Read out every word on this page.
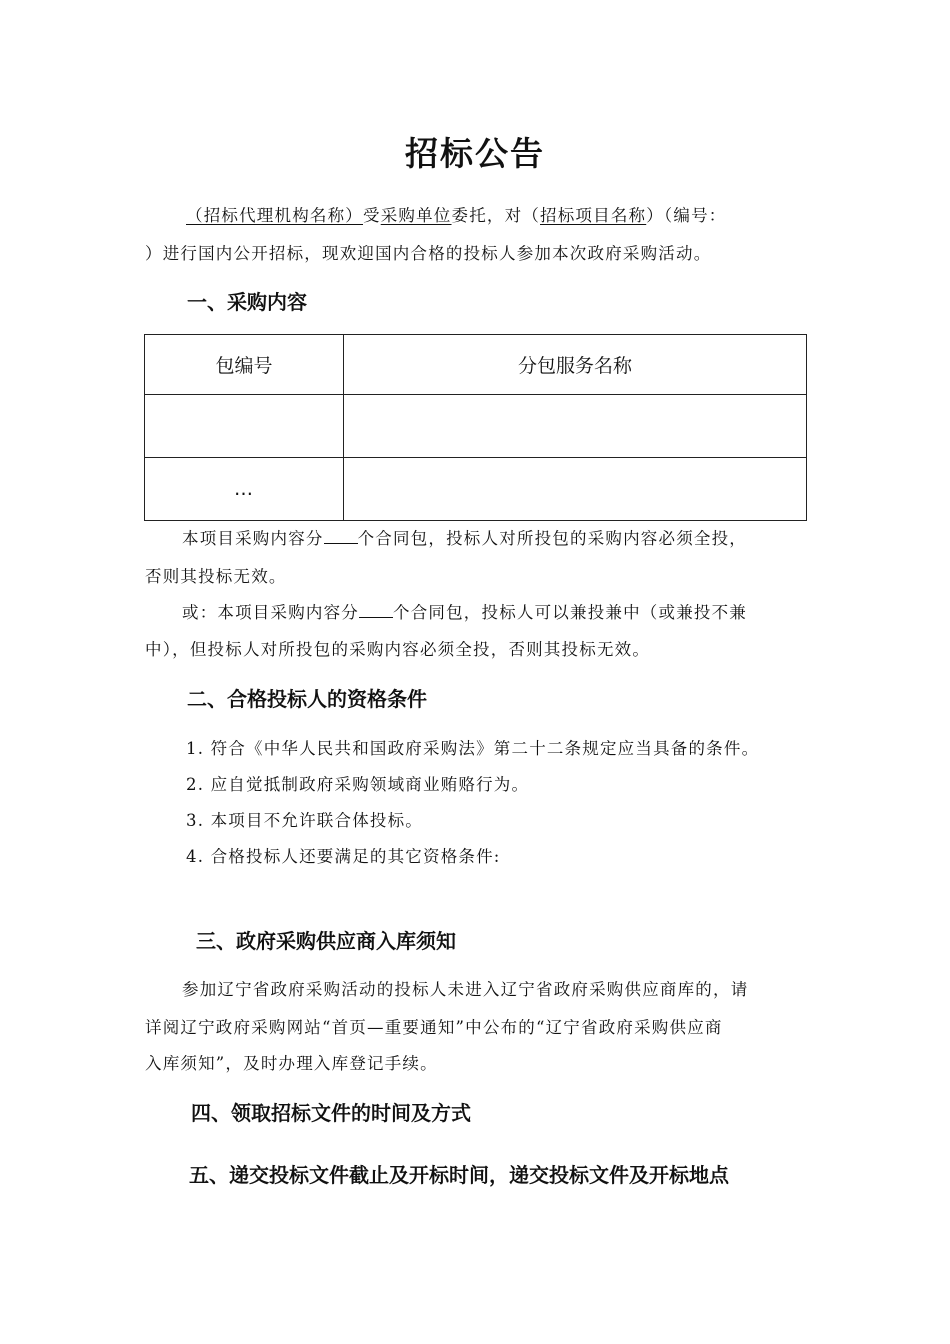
招标公告
（招标代理机构名称）受采购单位委托，对（招标项目名称）（编号：
）进行国内公开招标，现欢迎国内合格的投标人参加本次政府采购活动。
一、采购内容
包编号	分包服务名称

…	
本项目采购内容分 个合同包，投标人对所投包的采购内容必须全投，
否则其投标无效。
或：本项目采购内容分 个合同包，投标人可以兼投兼中（或兼投不兼
中），但投标人对所投包的采购内容必须全投，否则其投标无效。
二、合格投标人的资格条件
1. 符合《中华人民共和国政府采购法》第二十二条规定应当具备的条件。
2. 应自觉抵制政府采购领域商业贿赂行为。
3. 本项目不允许联合体投标。
4. 合格投标人还要满足的其它资格条件:
三、政府采购供应商入库须知
参加辽宁省政府采购活动的投标人未进入辽宁省政府采购供应商库的，请
详阅辽宁政府采购网站“首页—重要通知”中公布的“辽宁省政府采购供应商
入库须知”，及时办理入库登记手续。
四、领取招标文件的时间及方式
五、递交投标文件截止及开标时间，递交投标文件及开标地点
